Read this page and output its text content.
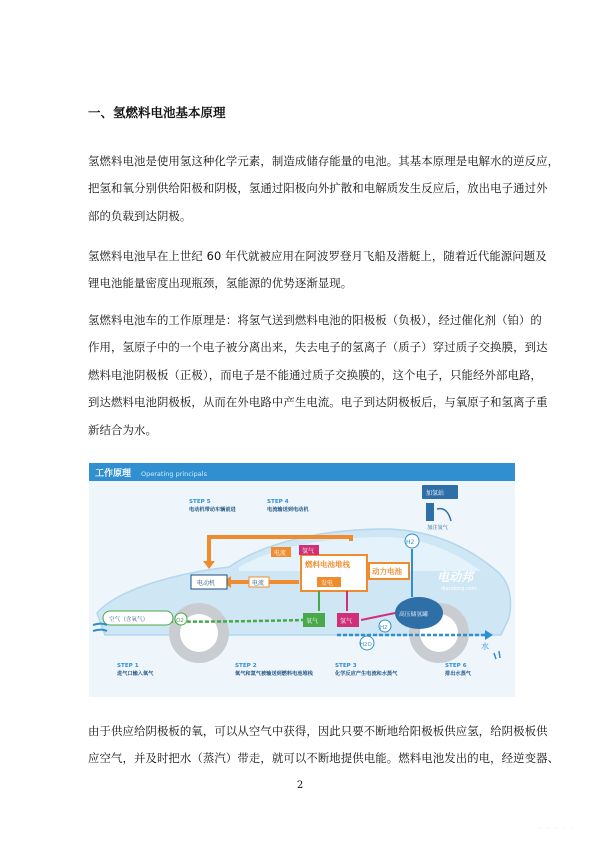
一、氢燃料电池基本原理
氢燃料电池是使用氢这种化学元素，制造成储存能量的电池。其基本原理是电解水的逆反应，
把氢和氧分别供给阳极和阴极，氢通过阳极向外扩散和电解质发生反应后，放出电子通过外
部的负载到达阴极。
氢燃料电池早在上世纪 60 年代就被应用在阿波罗登月飞船及潜艇上，随着近代能源问题及
锂电池能量密度出现瓶颈，氢能源的优势逐渐显现。
氢燃料电池车的工作原理是：将氢气送到燃料电池的阳极板（负极），经过催化剂（铂）的
作用，氢原子中的一个电子被分离出来，失去电子的氢离子（质子）穿过质子交换膜，到达
燃料电池阴极板（正极），而电子是不能通过质子交换膜的，这个电子，只能经外部电路，
到达燃料电池阴极板，从而在外电路中产生电流。电子到达阴极板后，与氧原子和氢离子重
新结合为水。
工作原理 Operating principals
加氢站
加注氢气
H2
电动邦
diandong.com
燃料电池堆栈
动力电池
发电
电动机	电流
电流	氢气
氧气	氢气
空气（含氧气）	O2
高压储氢罐
H2
H2O	水
STEP 5
电动机带动车辆前进
STEP 4
电流输送到电动机
STEP 1
进气口输入氧气
STEP 2
氧气和氢气被输送到燃料电池堆栈
STEP 3
化学反应产生电流和水蒸气
STEP 6
排出水蒸气
由于供应给阴极板的氧，可以从空气中获得，因此只要不断地给阳极板供应氢，给阴极板供
应空气，并及时把水（蒸汽）带走，就可以不断地提供电能。燃料电池发出的电，经逆变器、
2
· · · · ·
